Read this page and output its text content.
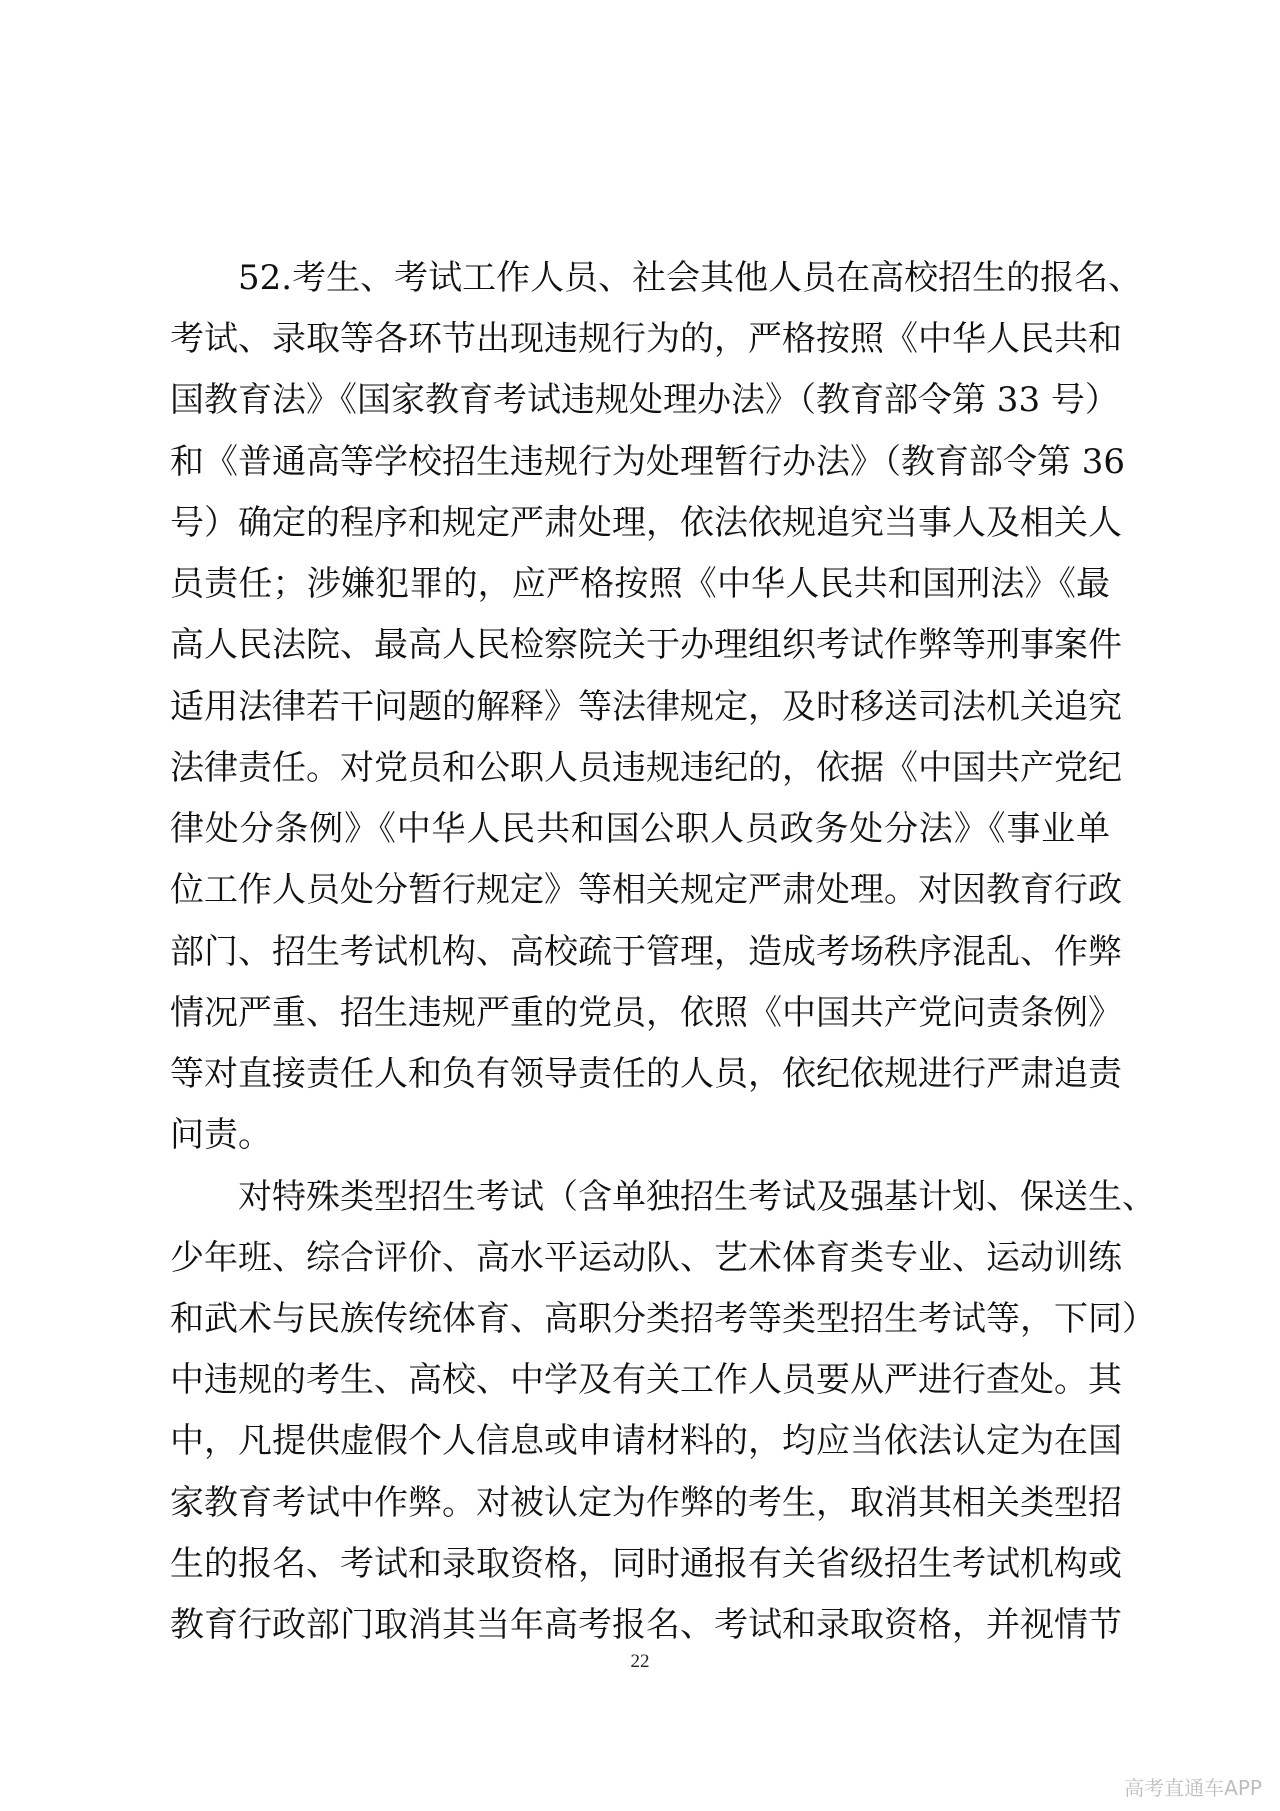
52.考生、考试工作人员、社会其他人员在高校招生的报名、
考试、录取等各环节出现违规行为的，严格按照《中华人民共和
国教育法》《国家教育考试违规处理办法》（教育部令第 33 号）
和《普通高等学校招生违规行为处理暂行办法》（教育部令第 36
号）确定的程序和规定严肃处理，依法依规追究当事人及相关人
员责任；涉嫌犯罪的，应严格按照《中华人民共和国刑法》《最
高人民法院、最高人民检察院关于办理组织考试作弊等刑事案件
适用法律若干问题的解释》等法律规定，及时移送司法机关追究
法律责任。对党员和公职人员违规违纪的，依据《中国共产党纪
律处分条例》《中华人民共和国公职人员政务处分法》《事业单
位工作人员处分暂行规定》等相关规定严肃处理。对因教育行政
部门、招生考试机构、高校疏于管理，造成考场秩序混乱、作弊
情况严重、招生违规严重的党员，依照《中国共产党问责条例》
等对直接责任人和负有领导责任的人员，依纪依规进行严肃追责
问责。
对特殊类型招生考试（含单独招生考试及强基计划、保送生、
少年班、综合评价、高水平运动队、艺术体育类专业、运动训练
和武术与民族传统体育、高职分类招考等类型招生考试等，下同）
中违规的考生、高校、中学及有关工作人员要从严进行查处。其
中，凡提供虚假个人信息或申请材料的，均应当依法认定为在国
家教育考试中作弊。对被认定为作弊的考生，取消其相关类型招
生的报名、考试和录取资格，同时通报有关省级招生考试机构或
教育行政部门取消其当年高考报名、考试和录取资格，并视情节
22
高考直通车APP
